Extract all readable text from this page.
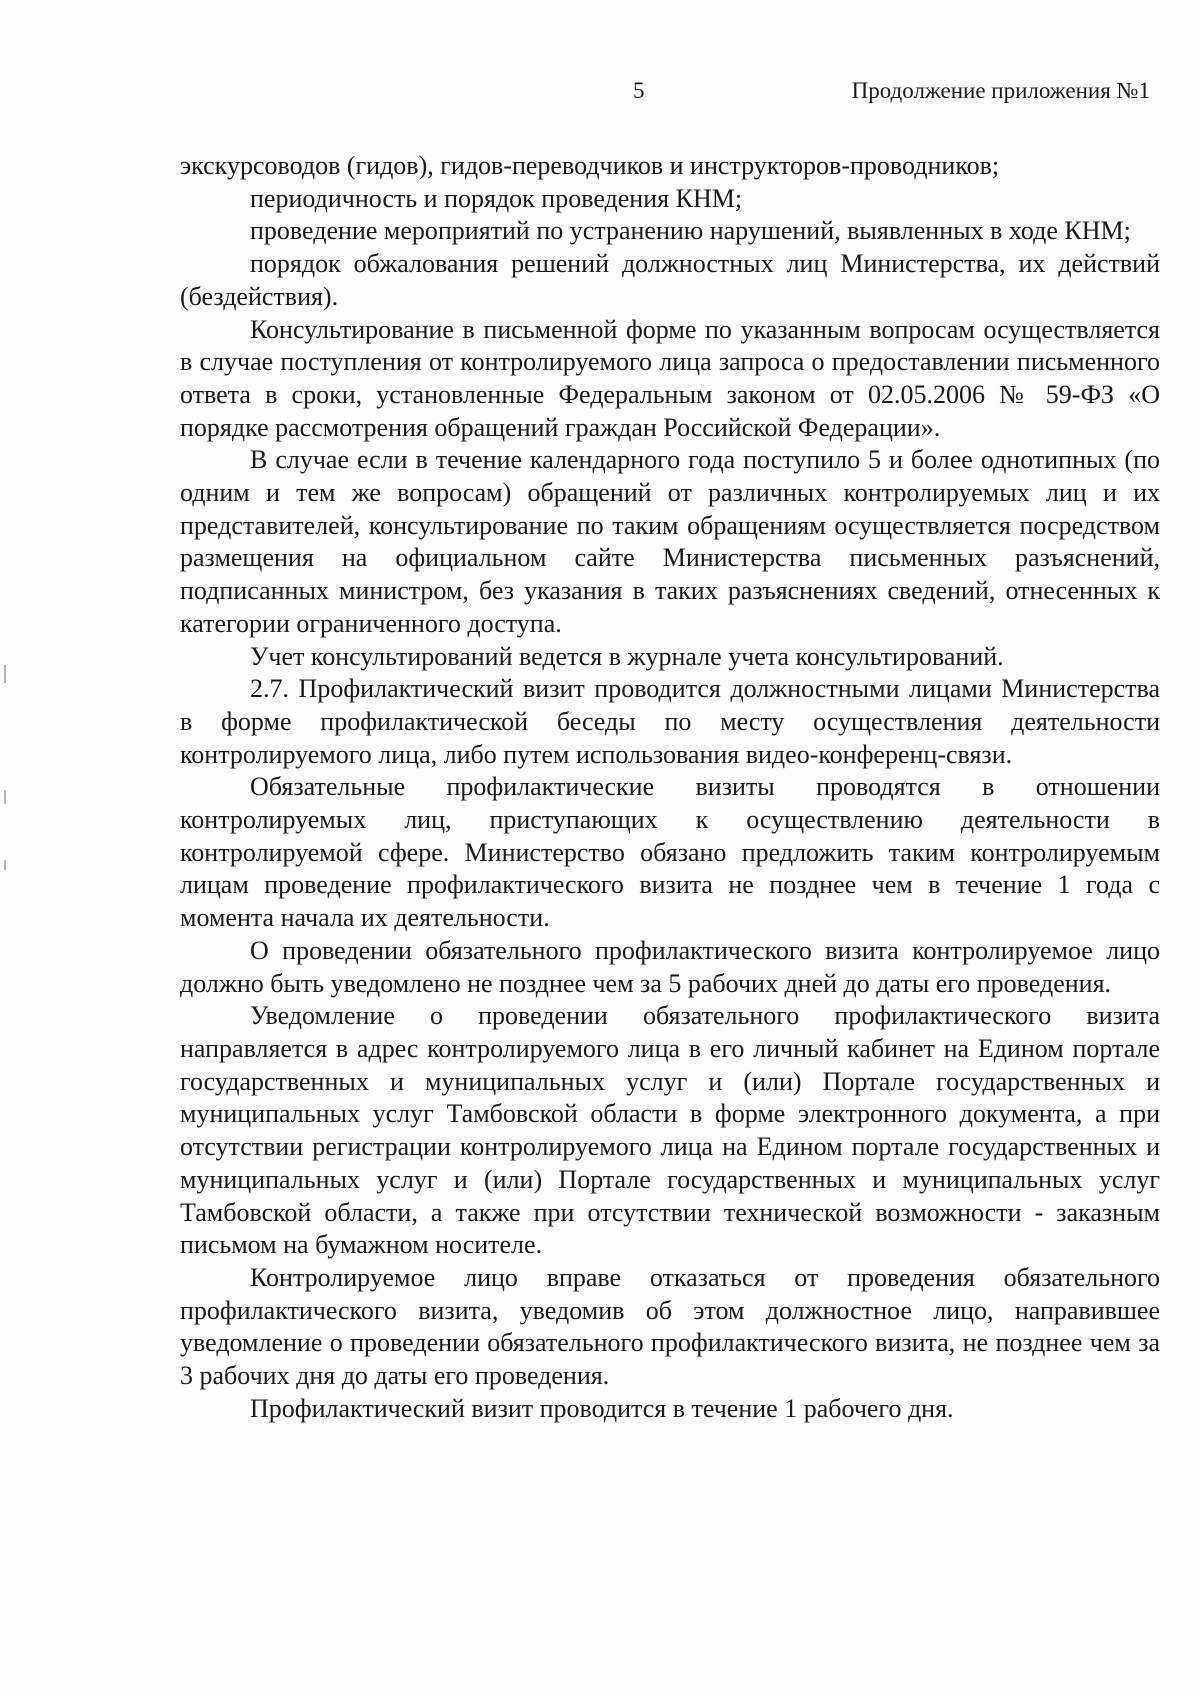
5	Продолжение приложения №1

экскурсоводов (гидов), гидов-переводчиков и инструкторов-проводников;

периодичность и порядок проведения КНМ;

проведение мероприятий по устранению нарушений, выявленных в ходе КНМ;

порядок обжалования решений должностных лиц Министерства, их действий (бездействия).

Консультирование в письменной форме по указанным вопросам осуществляется в случае поступления от контролируемого лица запроса о предоставлении письменного ответа в сроки, установленные Федеральным законом от 02.05.2006 № 59-ФЗ «О порядке рассмотрения обращений граждан Российской Федерации».

В случае если в течение календарного года поступило 5 и более однотипных (по одним и тем же вопросам) обращений от различных контролируемых лиц и их представителей, консультирование по таким обращениям осуществляется посредством размещения на официальном сайте Министерства письменных разъяснений, подписанных министром, без указания в таких разъяснениях сведений, отнесенных к категории ограниченного доступа.

Учет консультирований ведется в журнале учета консультирований.

2.7. Профилактический визит проводится должностными лицами Министерства в форме профилактической беседы по месту осуществления деятельности контролируемого лица, либо путем использования видео-конференц-связи.

Обязательные профилактические визиты проводятся в отношении контролируемых лиц, приступающих к осуществлению деятельности в контролируемой сфере. Министерство обязано предложить таким контролируемым лицам проведение профилактического визита не позднее чем в течение 1 года с момента начала их деятельности.

О проведении обязательного профилактического визита контролируемое лицо должно быть уведомлено не позднее чем за 5 рабочих дней до даты его проведения.

Уведомление о проведении обязательного профилактического визита направляется в адрес контролируемого лица в его личный кабинет на Едином портале государственных и муниципальных услуг и (или) Портале государственных и муниципальных услуг Тамбовской области в форме электронного документа, а при отсутствии регистрации контролируемого лица на Едином портале государственных и муниципальных услуг и (или) Портале государственных и муниципальных услуг Тамбовской области, а также при отсутствии технической возможности - заказным письмом на бумажном носителе.

Контролируемое лицо вправе отказаться от проведения обязательного профилактического визита, уведомив об этом должностное лицо, направившее уведомление о проведении обязательного профилактического визита, не позднее чем за 3 рабочих дня до даты его проведения.

Профилактический визит проводится в течение 1 рабочего дня.
